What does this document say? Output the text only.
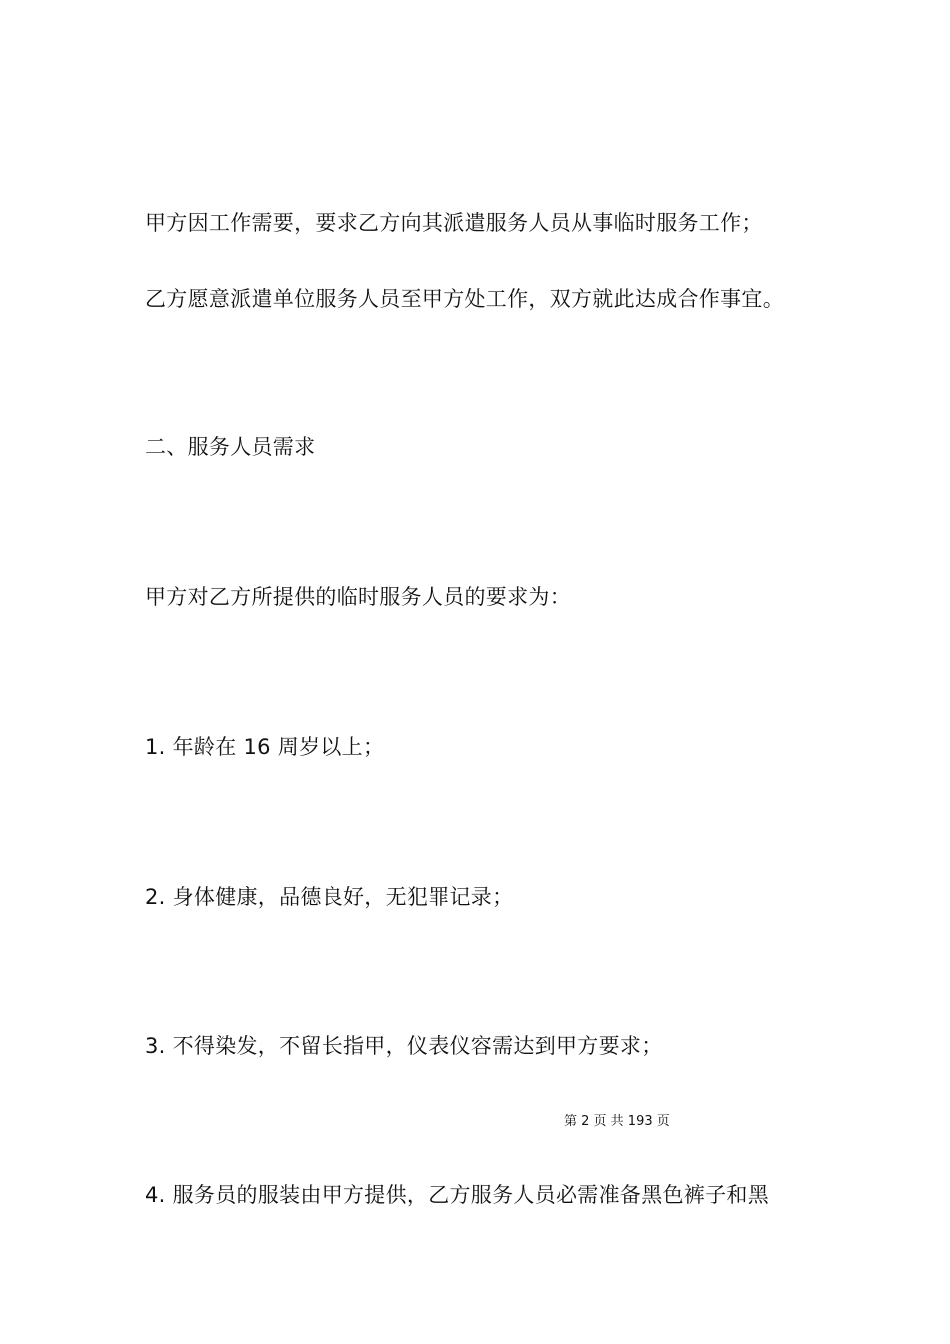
甲方因工作需要，要求乙方向其派遣服务人员从事临时服务工作；
乙方愿意派遣单位服务人员至甲方处工作，双方就此达成合作事宜。
二、服务人员需求
甲方对乙方所提供的临时服务人员的要求为：
1. 年龄在 16 周岁以上；
2. 身体健康，品德良好，无犯罪记录；
3. 不得染发，不留长指甲，仪表仪容需达到甲方要求；
第 2 页 共 193 页
4. 服务员的服装由甲方提供，乙方服务人员必需准备黑色裤子和黑
